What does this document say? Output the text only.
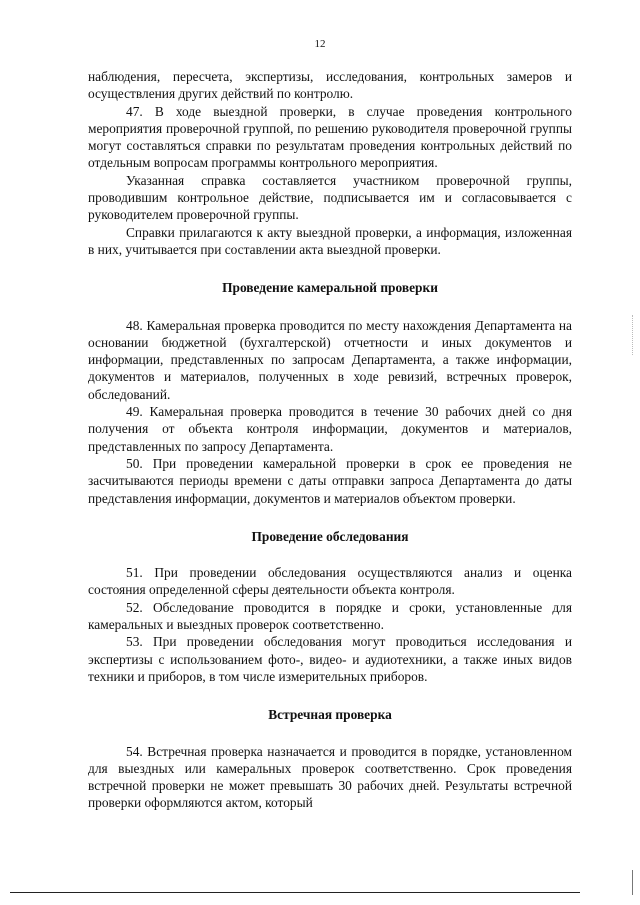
12

наблюдения, пересчета, экспертизы, исследования, контрольных замеров и осуществления других действий по контролю.

47. В ходе выездной проверки, в случае проведения контрольного мероприятия проверочной группой, по решению руководителя проверочной группы могут составляться справки по результатам проведения контрольных действий по отдельным вопросам программы контрольного мероприятия.

Указанная справка составляется участником проверочной группы, проводившим контрольное действие, подписывается им и согласовывается с руководителем проверочной группы.

Справки прилагаются к акту выездной проверки, а информация, изложенная в них, учитывается при составлении акта выездной проверки.

Проведение камеральной проверки

48. Камеральная проверка проводится по месту нахождения Департамента на основании бюджетной (бухгалтерской) отчетности и иных документов и информации, представленных по запросам Департамента, а также информации, документов и материалов, полученных в ходе ревизий, встречных проверок, обследований.

49. Камеральная проверка проводится в течение 30 рабочих дней со дня получения от объекта контроля информации, документов и материалов, представленных по запросу Департамента.

50. При проведении камеральной проверки в срок ее проведения не засчитываются периоды времени с даты отправки запроса Департамента до даты представления информации, документов и материалов объектом проверки.

Проведение обследования

51. При проведении обследования осуществляются анализ и оценка состояния определенной сферы деятельности объекта контроля.

52. Обследование проводится в порядке и сроки, установленные для камеральных и выездных проверок соответственно.

53. При проведении обследования могут проводиться исследования и экспертизы с использованием фото-, видео- и аудиотехники, а также иных видов техники и приборов, в том числе измерительных приборов.

Встречная проверка

54. Встречная проверка назначается и проводится в порядке, установленном для выездных или камеральных проверок соответственно. Срок проведения встречной проверки не может превышать 30 рабочих дней. Результаты встречной проверки оформляются актом, который
